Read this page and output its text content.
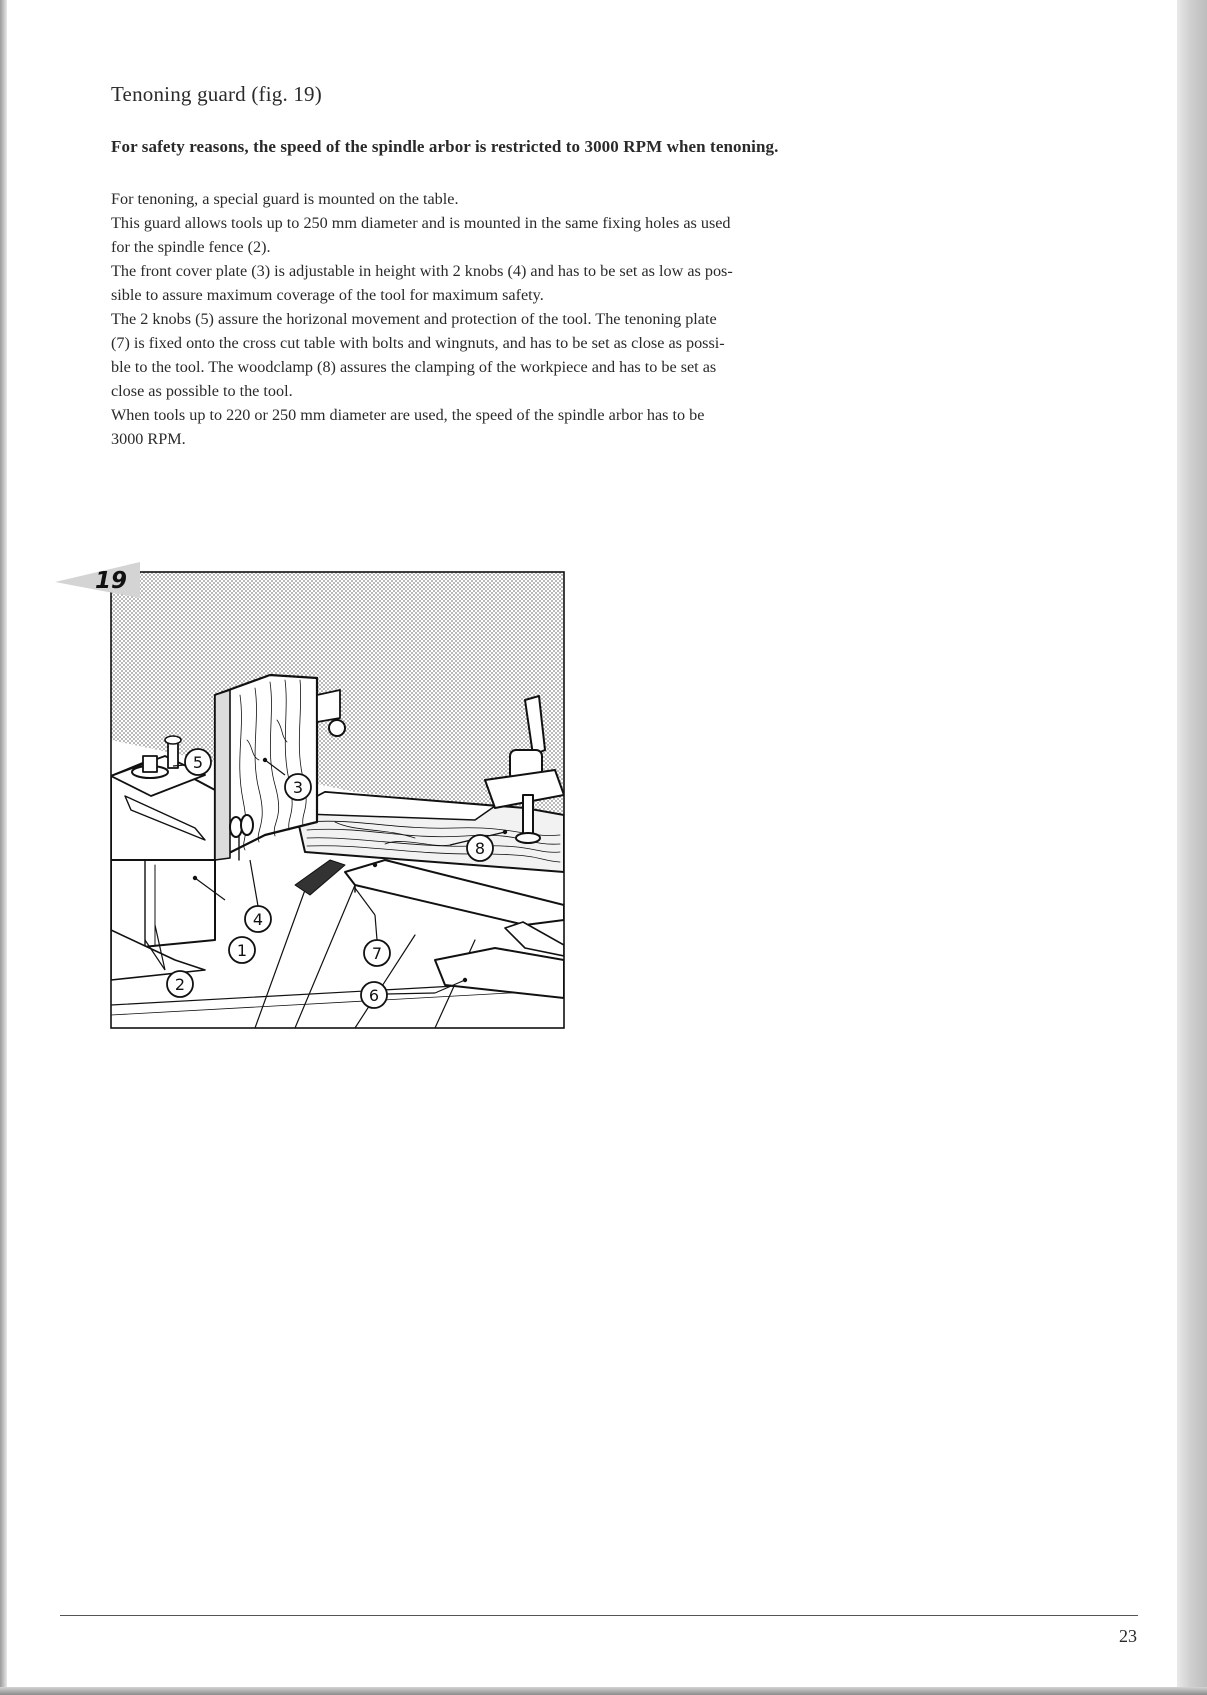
Tenoning guard (fig. 19)

For safety reasons, the speed of the spindle arbor is restricted to 3000 RPM when tenoning.

For tenoning, a special guard is mounted on the table.

This guard allows tools up to 250 mm diameter and is mounted in the same fixing holes as used
for the spindle fence (2).

The front cover plate (3) is adjustable in height with 2 knobs (4) and has to be set as low as pos-
sible to assure maximum coverage of the tool for maximum safety.

The 2 knobs (5) assure the horizonal movement and protection of the tool. The tenoning plate
(7) is fixed onto the cross cut table with bolts and wingnuts, and has to be set as close as possi-
ble to the tool. The woodclamp (8) assures the clamping of the workpiece and has to be set as
close as possible to the tool.

When tools up to 220 or 250 mm diameter are used, the speed of the spindle arbor has to be
3000 RPM.

19
1
2
3
4
5
6
7
8
23
